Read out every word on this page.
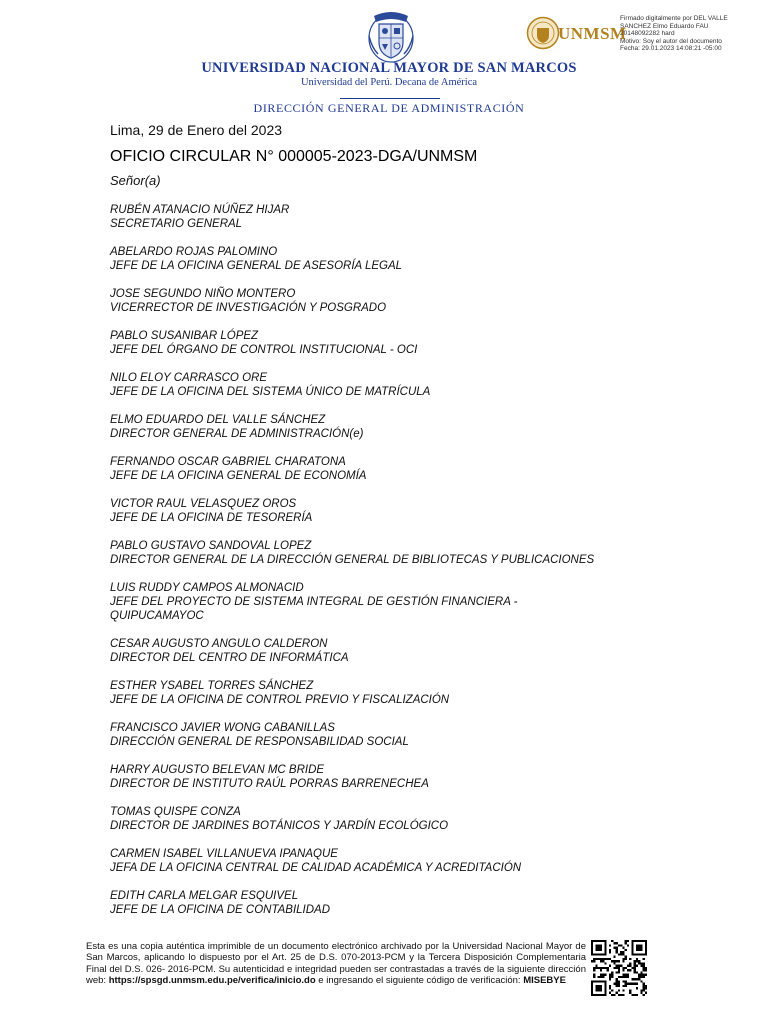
UNMSM
Firmado digitalmente por DEL VALLE
SANCHEZ Elmo Eduardo FAU
20148092282 hard
Motivo: Soy el autor del documento
Fecha: 29.01.2023 14:08:21 -05:00
UNIVERSIDAD NACIONAL MAYOR DE SAN MARCOS
Universidad del Perú. Decana de América
DIRECCIÓN GENERAL DE ADMINISTRACIÓN
Lima, 29 de Enero del 2023
OFICIO CIRCULAR N° 000005-2023-DGA/UNMSM
Señor(a)
RUBÉN ATANACIO NÚÑEZ HIJAR
SECRETARIO GENERAL
ABELARDO ROJAS PALOMINO
JEFE DE LA OFICINA GENERAL DE ASESORÍA LEGAL
JOSE SEGUNDO NIÑO MONTERO
VICERRECTOR DE INVESTIGACIÓN Y POSGRADO
PABLO SUSANIBAR LÓPEZ
JEFE DEL ÓRGANO DE CONTROL INSTITUCIONAL - OCI
NILO ELOY CARRASCO ORE
JEFE DE LA OFICINA DEL SISTEMA ÚNICO DE MATRÍCULA
ELMO EDUARDO DEL VALLE SÁNCHEZ
DIRECTOR GENERAL DE ADMINISTRACIÓN(e)
FERNANDO OSCAR GABRIEL CHARATONA
JEFE DE LA OFICINA GENERAL DE ECONOMÍA
VICTOR RAUL VELASQUEZ OROS
JEFE DE LA OFICINA DE TESORERÍA
PABLO GUSTAVO SANDOVAL LOPEZ
DIRECTOR GENERAL DE LA DIRECCIÓN GENERAL DE BIBLIOTECAS Y PUBLICACIONES
LUIS RUDDY CAMPOS ALMONACID
JEFE DEL PROYECTO DE SISTEMA INTEGRAL DE GESTIÓN FINANCIERA - QUIPUCAMAYOC
CESAR AUGUSTO ANGULO CALDERON
DIRECTOR DEL CENTRO DE INFORMÁTICA
ESTHER YSABEL TORRES SÁNCHEZ
JEFE DE LA OFICINA DE CONTROL PREVIO Y FISCALIZACIÓN
FRANCISCO JAVIER WONG CABANILLAS
DIRECCIÓN GENERAL DE RESPONSABILIDAD SOCIAL
HARRY AUGUSTO BELEVAN MC BRIDE
DIRECTOR DE INSTITUTO RAÚL PORRAS BARRENECHEA
TOMAS QUISPE CONZA
DIRECTOR DE JARDINES BOTÁNICOS Y JARDÍN ECOLÓGICO
CARMEN ISABEL VILLANUEVA IPANAQUE
JEFA DE LA OFICINA CENTRAL DE CALIDAD ACADÉMICA Y ACREDITACIÓN
EDITH CARLA MELGAR ESQUIVEL
JEFE DE LA OFICINA DE CONTABILIDAD
Esta es una copia auténtica imprimible de un documento electrónico archivado por la Universidad Nacional Mayor de San Marcos, aplicando lo dispuesto por el Art. 25 de D.S. 070-2013-PCM y la Tercera Disposición Complementaria Final del D.S. 026- 2016-PCM. Su autenticidad e integridad pueden ser contrastadas a través de la siguiente dirección web: https://spsgd.unmsm.edu.pe/verifica/inicio.do e ingresando el siguiente código de verificación: MISEBYE
